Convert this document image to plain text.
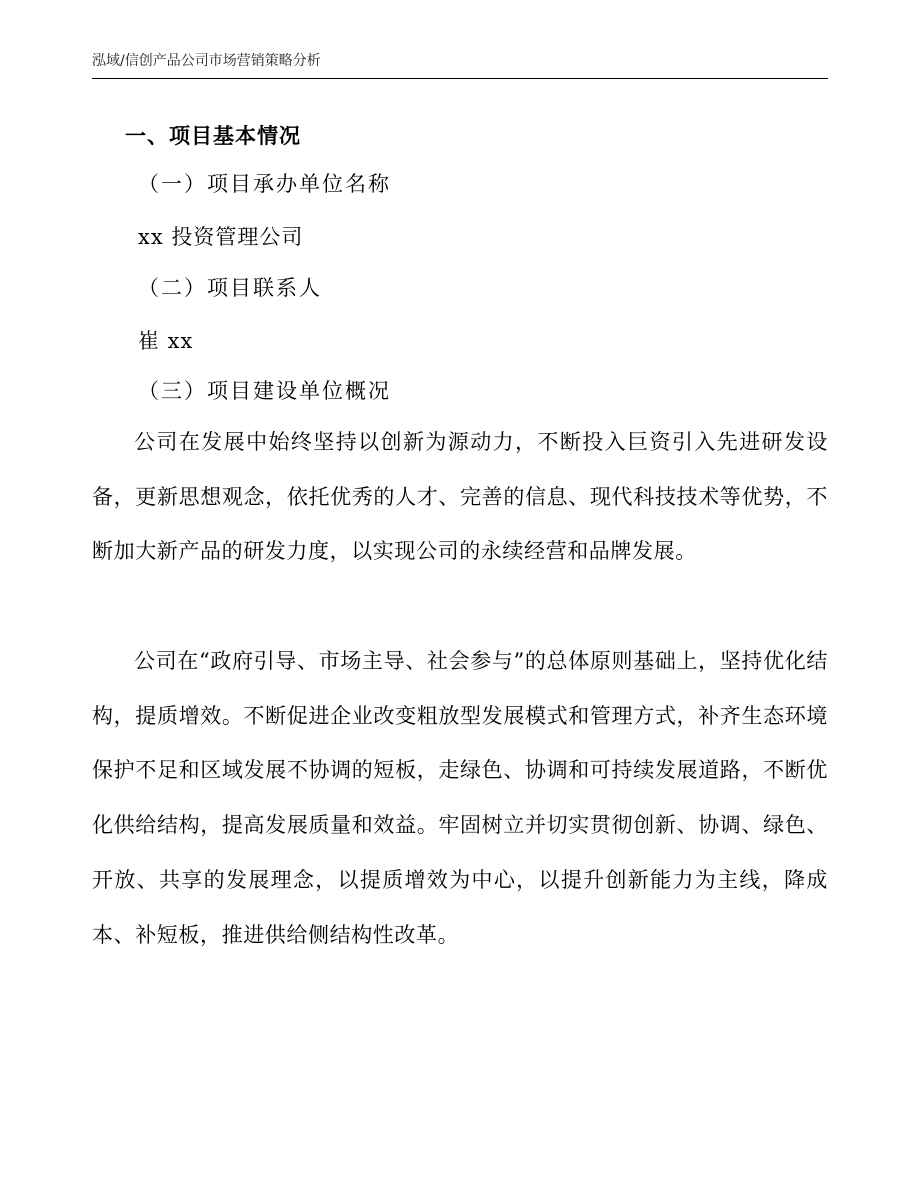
泓域/信创产品公司市场营销策略分析
一、项目基本情况
（一）项目承办单位名称
xx 投资管理公司
（二）项目联系人
崔 xx
（三）项目建设单位概况

公司在发展中始终坚持以创新为源动力，不断投入巨资引入先进研发设备，更新思想观念，依托优秀的人才、完善的信息、现代科技技术等优势，不断加大新产品的研发力度，以实现公司的永续经营和品牌发展。

公司在“政府引导、市场主导、社会参与”的总体原则基础上，坚持优化结构，提质增效。不断促进企业改变粗放型发展模式和管理方式，补齐生态环境保护不足和区域发展不协调的短板，走绿色、协调和可持续发展道路，不断优化供给结构，提高发展质量和效益。牢固树立并切实贯彻创新、协调、绿色、开放、共享的发展理念，以提质增效为中心，以提升创新能力为主线，降成本、补短板，推进供给侧结构性改革。
